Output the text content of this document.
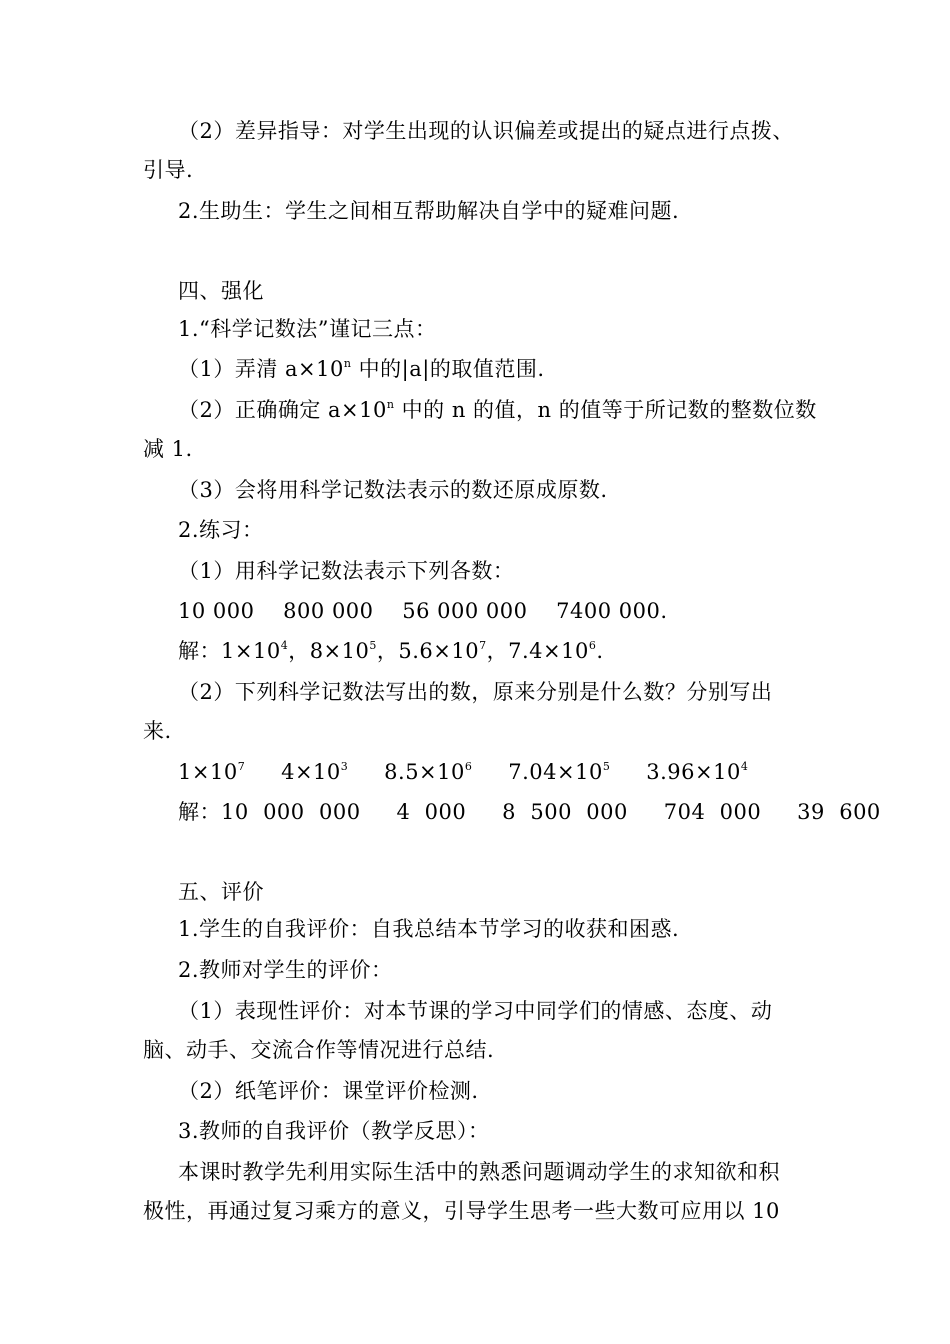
（2）差异指导：对学生出现的认识偏差或提出的疑点进行点拨、
引导.
2.生助生：学生之间相互帮助解决自学中的疑难问题.
四、强化
1.“科学记数法”谨记三点：
（1）弄清 $a\times 10^n$ 中的|a|的取值范围.
（2）正确确定 $a\times 10^n$ 中的 n 的值，n 的值等于所记数的整数位数
减 1.
（3）会将用科学记数法表示的数还原成原数.
2.练习：
（1）用科学记数法表示下列各数：
10 000    800 000    56 000 000    7400 000.
解：$1\times 10^4$，$8\times 10^5$，$5.6\times 10^7$，$7.4\times 10^6$.
（2）下列科学记数法写出的数，原来分别是什么数？分别写出
来.
$1\times 10^7$ $4\times 10^3$ $8.5\times 10^6$ $7.04\times 10^5$ $3.96\times 10^4$
解：10  000  000     4  000     8  500  000     704  000     39  600
五、评价
1.学生的自我评价：自我总结本节学习的收获和困惑.
2.教师对学生的评价：
（1）表现性评价：对本节课的学习中同学们的情感、态度、动
脑、动手、交流合作等情况进行总结.
（2）纸笔评价：课堂评价检测.
3.教师的自我评价（教学反思）：
本课时教学先利用实际生活中的熟悉问题调动学生的求知欲和积
极性，再通过复习乘方的意义，引导学生思考一些大数可应用以 10
